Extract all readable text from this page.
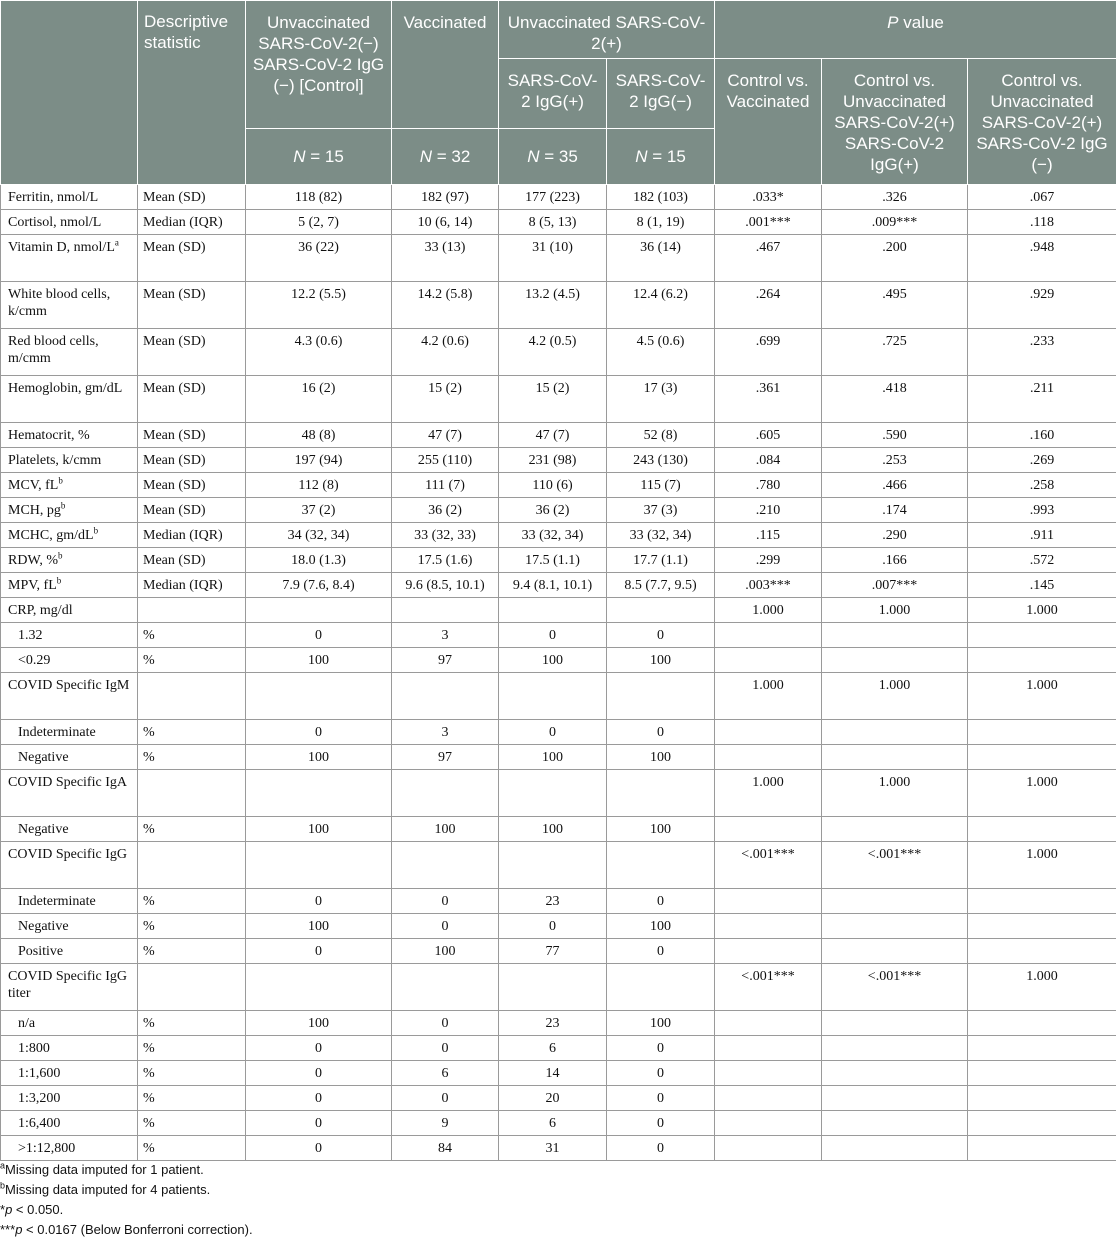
	Descriptive statistic	Unvaccinated SARS-CoV-2(−) SARS-CoV-2 IgG (−) [Control]	Vaccinated	Unvaccinated SARS-CoV-2(+)		P value		
				SARS-CoV-2 IgG(+)	SARS-CoV-2 IgG(−)	Control vs. Vaccinated	Control vs. Unvaccinated SARS-CoV-2(+) SARS-CoV-2 IgG(+)	Control vs. Unvaccinated SARS-CoV-2(+) SARS-CoV-2 IgG (−)
		N = 15	N = 32	N = 35	N = 15			
Ferritin, nmol/L	Mean (SD)	118 (82)	182 (97)	177 (223)	182 (103)	.033*	.326	.067
Cortisol, nmol/L	Median (IQR)	5 (2, 7)	10 (6, 14)	8 (5, 13)	8 (1, 19)	.001***	.009***	.118
Vitamin D, nmol/$L^a$	Mean (SD)	36 (22)	33 (13)	31 (10)	36 (14)	.467	.200	.948
White blood cells, k/cmm	Mean (SD)	12.2 (5.5)	14.2 (5.8)	13.2 (4.5)	12.4 (6.2)	.264	.495	.929
Red blood cells, m/cmm	Mean (SD)	4.3 (0.6)	4.2 (0.6)	4.2 (0.5)	4.5 (0.6)	.699	.725	.233
Hemoglobin, gm/dL	Mean (SD)	16 (2)	15 (2)	15 (2)	17 (3)	.361	.418	.211
Hematocrit, %	Mean (SD)	48 (8)	47 (7)	47 (7)	52 (8)	.605	.590	.160
Platelets, k/cmm	Mean (SD)	197 (94)	255 (110)	231 (98)	243 (130)	.084	.253	.269
MCV, $fL^b$	Mean (SD)	112 (8)	111 (7)	110 (6)	115 (7)	.780	.466	.258
MCH, $pg^b$	Mean (SD)	37 (2)	36 (2)	36 (2)	37 (3)	.210	.174	.993
MCHC, $gm/dL^b$	Median (IQR)	34 (32, 34)	33 (32, 33)	33 (32, 34)	33 (32, 34)	.115	.290	.911
RDW, %$^b$	Mean (SD)	18.0 (1.3)	17.5 (1.6)	17.5 (1.1)	17.7 (1.1)	.299	.166	.572
MPV, $fL^b$	Median (IQR)	7.9 (7.6, 8.4)	9.6 (8.5, 10.1)	9.4 (8.1, 10.1)	8.5 (7.7, 9.5)	.003***	.007***	.145
CRP, mg/dl						1.000	1.000	1.000
1.32	%	0	3	0	0			
<0.29	%	100	97	100	100			
COVID Specific IgM						1.000	1.000	1.000
Indeterminate	%	0	3	0	0			
Negative	%	100	97	100	100			
COVID Specific IgA						1.000	1.000	1.000
Negative	%	100	100	100	100			
COVID Specific IgG						<.001***	<.001***	1.000
Indeterminate	%	0	0	23	0			
Negative	%	100	0	0	100			
Positive	%	0	100	77	0			
COVID Specific IgG titer						<.001***	<.001***	1.000
n/a	%	100	0	23	100			
1:800	%	0	0	6	0			
1:1,600	%	0	6	14	0			
1:3,200	%	0	0	20	0			
1:6,400	%	0	9	6	0			
>1:12,800	%	0	84	31	0			
$^a$Missing data imputed for 1 patient.
$^b$Missing data imputed for 4 patients.
*p < 0.050.
***p < 0.0167 (Below Bonferroni correction).
